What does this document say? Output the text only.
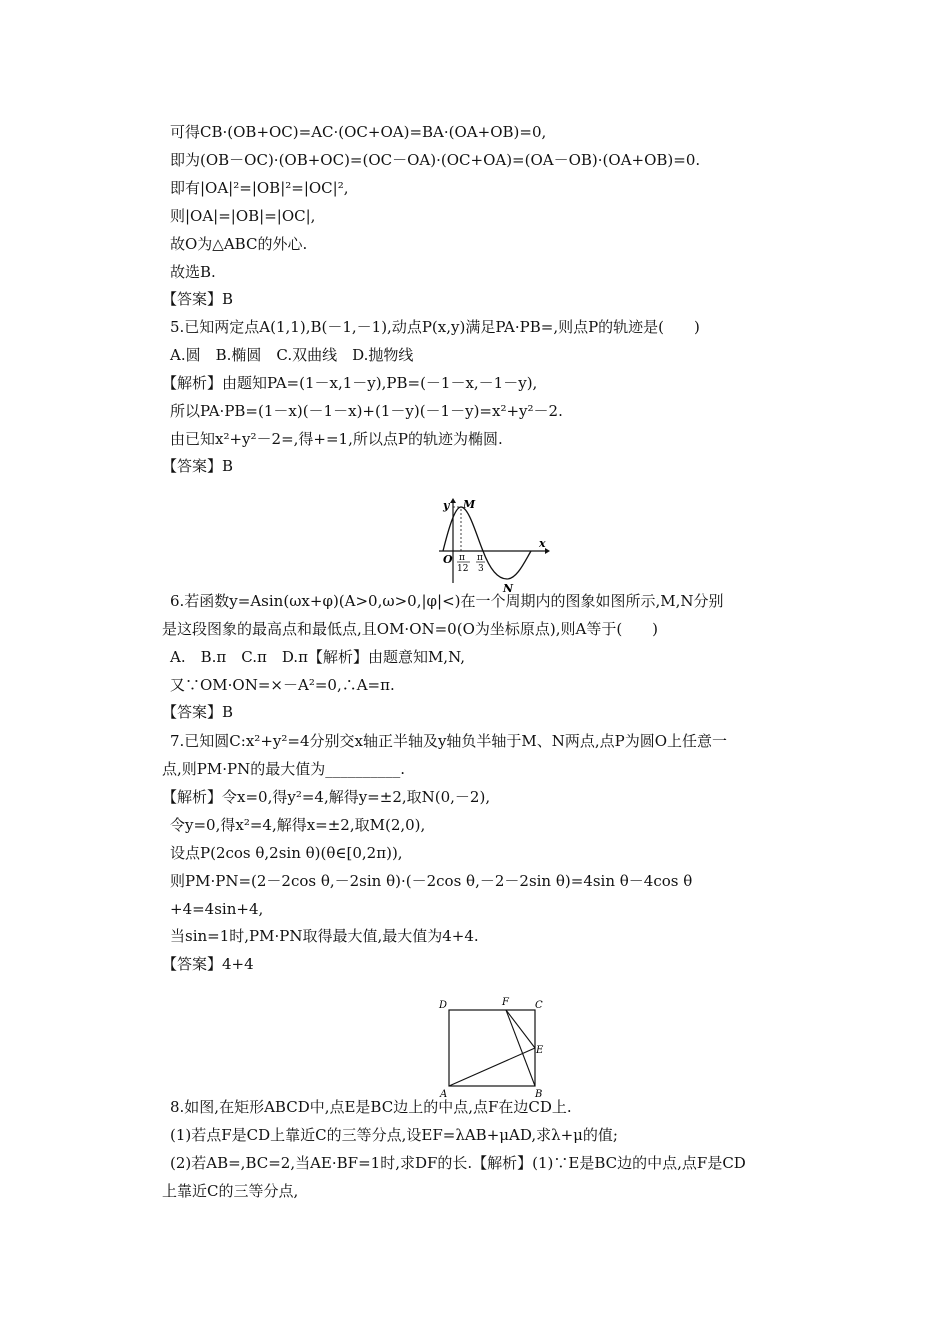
可得CB·(OB+OC)=AC·(OC+OA)=BA·(OA+OB)=0,
即为(OB－OC)·(OB+OC)=(OC－OA)·(OC+OA)=(OA－OB)·(OA+OB)=0.
即有|OA|²=|OB|²=|OC|²,
则|OA|=|OB|=|OC|,
故O为△ABC的外心.
故选B.
【答案】B
5.已知两定点A(1,1),B(－1,－1),动点P(x,y)满足PA·PB=,则点P的轨迹是(　　)
A.圆　B.椭圆　C.双曲线　D.抛物线
【解析】由题知PA=(1－x,1－y),PB=(－1－x,－1－y),
所以PA·PB=(1－x)(－1－x)+(1－y)(－1－y)=x²+y²－2.
由已知x²+y²－2=,得+=1,所以点P的轨迹为椭圆.
【答案】B
y
x
O
M
N
π
12
π
3
6.若函数y=Asin(ωx+φ)(A>0,ω>0,|φ|<)在一个周期内的图象如图所示,M,N分别
是这段图象的最高点和最低点,且OM·ON=0(O为坐标原点),则A等于(　　)
A.　B.π　C.π　D.π【解析】由题意知M,N,
又∵OM·ON=×－A²=0,∴A=π.
【答案】B
7.已知圆C:x²+y²=4分别交x轴正半轴及y轴负半轴于M、N两点,点P为圆O上任意一
点,则PM·PN的最大值为__________.
【解析】令x=0,得y²=4,解得y=±2,取N(0,－2),
令y=0,得x²=4,解得x=±2,取M(2,0),
设点P(2cos θ,2sin θ)(θ∈[0,2π)),
则PM·PN=(2－2cos θ,－2sin θ)·(－2cos θ,－2－2sin θ)=4sin θ－4cos θ
+4=4sin+4,
当sin=1时,PM·PN取得最大值,最大值为4+4.
【答案】4+4
D	F	C
E
A	B
8.如图,在矩形ABCD中,点E是BC边上的中点,点F在边CD上.
(1)若点F是CD上靠近C的三等分点,设EF=λAB+μAD,求λ+μ的值;
(2)若AB=,BC=2,当AE·BF=1时,求DF的长.【解析】(1)∵E是BC边的中点,点F是CD
上靠近C的三等分点,
